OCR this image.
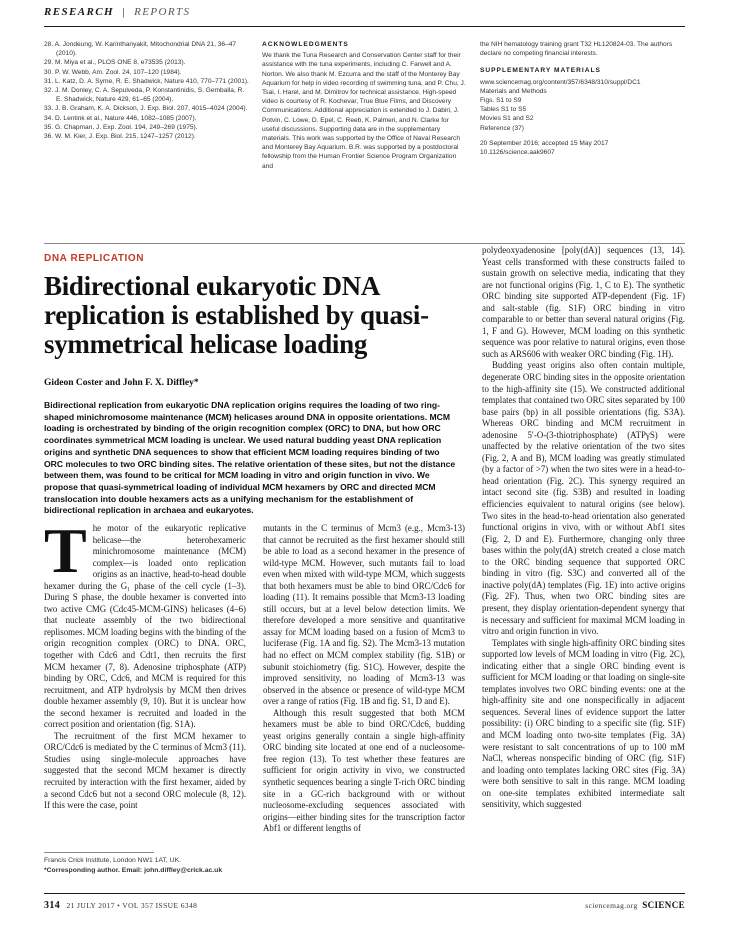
RESEARCH | REPORTS
28. A. Jondeung, W. Karinthanyakit, Mitochondrial DNA 21, 36–47 (2010).
29. M. Miya et al., PLOS ONE 8, e73535 (2013).
30. P. W. Webb, Am. Zool. 24, 107–120 (1984).
31. L. Katz, D. A. Syme, R. E. Shadwick, Nature 410, 770–771 (2001).
32. J. M. Donley, C. A. Sepulveda, P. Konstantinidis, S. Gemballa, R. E. Shadwick, Nature 429, 61–65 (2004).
33. J. B. Graham, K. A. Dickson, J. Exp. Biol. 207, 4015–4024 (2004).
34. D. Lentink et al., Nature 446, 1082–1085 (2007).
35. G. Chapman, J. Exp. Zool. 194, 249–269 (1975).
36. W. M. Kier, J. Exp. Biol. 215, 1247–1257 (2012).
ACKNOWLEDGMENTS
We thank the Tuna Research and Conservation Center staff for their assistance with the tuna experiments, including C. Farwell and A. Norton. We also thank M. Ezcurra and the staff of the Monterey Bay Aquarium for help in video recording of swimming tuna, and P. Chu, J. Tsai, I. Harel, and M. Dimitrov for technical assistance. High-speed video is courtesy of R. Kochevar, True Blue Films, and Discovery Communications. Additional appreciation is extended to J. Dabiri, J. Potvin, C. Lowe, D. Epel, C. Reeb, K. Palmeri, and N. Clarke for useful discussions. Supporting data are in the supplementary materials. This work was supported by the Office of Naval Research and Monterey Bay Aquarium. B.R. was supported by a postdoctoral fellowship from the Human Frontier Science Program Organization and
the NIH hematology training grant T32 HL120824-03. The authors declare no competing financial interests.
SUPPLEMENTARY MATERIALS
www.sciencemag.org/content/357/6348/310/suppl/DC1
Materials and Methods
Figs. S1 to S9
Tables S1 to S5
Movies S1 and S2
Reference (37)
20 September 2016; accepted 15 May 2017
10.1126/science.aak9607
DNA REPLICATION
Bidirectional eukaryotic DNA replication is established by quasi-symmetrical helicase loading
Gideon Coster and John F. X. Diffley*

Bidirectional replication from eukaryotic DNA replication origins requires the loading of two ring-shaped minichromosome maintenance (MCM) helicases around DNA in opposite orientations. MCM loading is orchestrated by binding of the origin recognition complex (ORC) to DNA, but how ORC coordinates symmetrical MCM loading is unclear. We used natural budding yeast DNA replication origins and synthetic DNA sequences to show that efficient MCM loading requires binding of two ORC molecules to two ORC binding sites. The relative orientation of these sites, but not the distance between them, was found to be critical for MCM loading in vitro and origin function in vivo. We propose that quasi-symmetrical loading of individual MCM hexamers by ORC and directed MCM translocation into double hexamers acts as a unifying mechanism for the establishment of bidirectional replication in archaea and eukaryotes.

The motor of the eukaryotic replicative helicase—the heterohexameric minichromosome maintenance (MCM) complex—is loaded onto replication origins as an inactive, head-to-head double hexamer during the G₁ phase of the cell cycle (1–3). During S phase, the double hexamer is converted into two active CMG (Cdc45-MCM-GINS) helicases (4–6) that nucleate assembly of the two bidirectional replisomes. MCM loading begins with the binding of the origin recognition complex (ORC) to DNA. ORC, together with Cdc6 and Cdt1, then recruits the first MCM hexamer (7, 8). Adenosine triphosphate (ATP) binding by ORC, Cdc6, and MCM is required for this recruitment, and ATP hydrolysis by MCM then drives double hexamer assembly (9, 10). But it is unclear how the second hexamer is recruited and loaded in the correct position and orientation (fig. S1A).

The recruitment of the first MCM hexamer to ORC/Cdc6 is mediated by the C terminus of Mcm3 (11). Studies using single-molecule approaches have suggested that the second MCM hexamer is directly recruited by interaction with the first hexamer, aided by a second Cdc6 but not a second ORC molecule (8, 12). If this were the case, point

mutants in the C terminus of Mcm3 (e.g., Mcm3-13) that cannot be recruited as the first hexamer should still be able to load as a second hexamer in the presence of wild-type MCM. However, such mutants fail to load even when mixed with wild-type MCM, which suggests that both hexamers must be able to bind ORC/Cdc6 for loading (11). It remains possible that Mcm3-13 loading still occurs, but at a level below detection limits. We therefore developed a more sensitive and quantitative assay for MCM loading based on a fusion of Mcm3 to luciferase (Fig. 1A and fig. S2). The Mcm3-13 mutation had no effect on MCM complex stability (fig. S1B) or subunit stoichiometry (fig. S1C). However, despite the improved sensitivity, no loading of Mcm3-13 was observed in the absence or presence of wild-type MCM over a range of ratios (Fig. 1B and fig. S1, D and E).

Although this result suggested that both MCM hexamers must be able to bind ORC/Cdc6, budding yeast origins generally contain a single high-affinity ORC binding site located at one end of a nucleosome-free region (13). To test whether these features are sufficient for origin activity in vivo, we constructed synthetic sequences bearing a single T-rich ORC binding site in a GC-rich background with or without nucleosome-excluding sequences associated with origins—either binding sites for the transcription factor Abf1 or different lengths of

polydeoxyadenosine [poly(dA)] sequences (13, 14). Yeast cells transformed with these constructs failed to sustain growth on selective media, indicating that they are not functional origins (Fig. 1, C to E). The synthetic ORC binding site supported ATP-dependent (Fig. 1F) and salt-stable (fig. S1F) ORC binding in vitro comparable to or better than several natural origins (Fig. 1, F and G). However, MCM loading on this synthetic sequence was poor relative to natural origins, even those such as ARS606 with weaker ORC binding (Fig. 1H).

Budding yeast origins also often contain multiple, degenerate ORC binding sites in the opposite orientation to the high-affinity site (15). We constructed additional templates that contained two ORC sites separated by 100 base pairs (bp) in all possible orientations (fig. S3A). Whereas ORC binding and MCM recruitment in adenosine 5′-O-(3-thiotriphosphate) (ATPγS) were unaffected by the relative orientation of the two sites (Fig. 2, A and B), MCM loading was greatly stimulated (by a factor of >7) when the two sites were in a head-to-head orientation (Fig. 2C). This synergy required an intact second site (fig. S3B) and resulted in loading efficiencies equivalent to natural origins (see below). Two sites in the head-to-head orientation also generated functional origins in vivo, with or without Abf1 sites (Fig. 2, D and E). Furthermore, changing only three bases within the poly(dA) stretch created a close match to the ORC binding sequence that supported ORC binding in vitro (fig. S3C) and converted all of the inactive poly(dA) templates (Fig. 1E) into active origins (Fig. 2F). Thus, when two ORC binding sites are present, they display orientation-dependent synergy that is necessary and sufficient for maximal MCM loading in vitro and origin function in vivo.

Templates with single high-affinity ORC binding sites supported low levels of MCM loading in vitro (Fig. 2C), indicating either that a single ORC binding event is sufficient for MCM loading or that loading on single-site templates involves two ORC binding events: one at the high-affinity site and one nonspecifically in adjacent sequences. Several lines of evidence support the latter possibility: (i) ORC binding to a specific site (fig. S1F) and MCM loading onto two-site templates (Fig. 3A) were resistant to salt concentrations of up to 100 mM NaCl, whereas nonspecific binding of ORC (fig. S1F) and loading onto templates lacking ORC sites (Fig. 3A) were both sensitive to salt in this range. MCM loading on one-site templates exhibited intermediate salt sensitivity, which suggested

Francis Crick Institute, London NW1 1AT, UK.
*Corresponding author. Email: john.diffley@crick.ac.uk
314 21 JULY 2017 • VOL 357 ISSUE 6348	sciencemag.org SCIENCE
